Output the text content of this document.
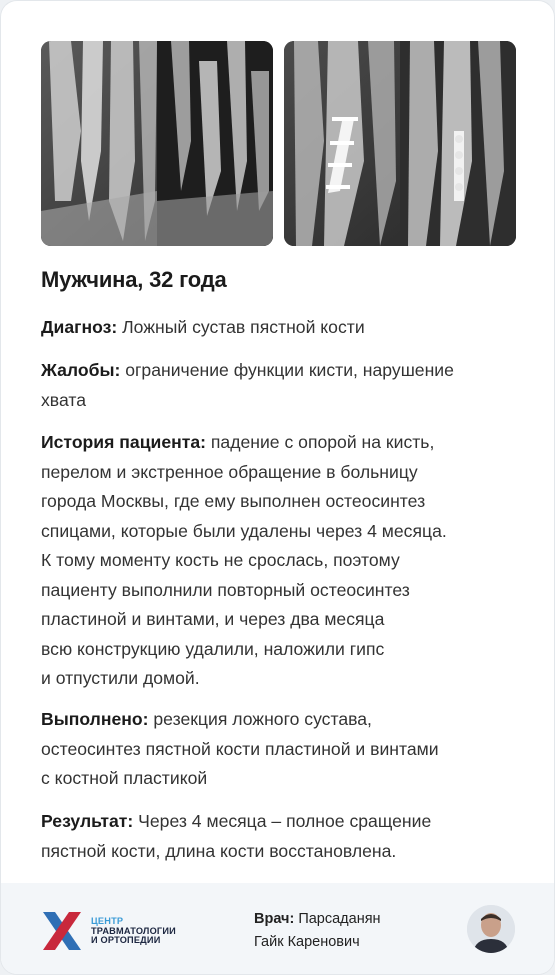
Мужчина, 32 года
Диагноз: Ложный сустав пястной кости
Жалобы: ограничение функции кисти, нарушение
хвата
История пациента: падение с опорой на кисть,
перелом и экстренное обращение в больницу
города Москвы, где ему выполнен остеосинтез
спицами, которые были удалены через 4 месяца.
К тому моменту кость не срослась, поэтому
пациенту выполнили повторный остеосинтез
пластиной и винтами, и через два месяца
всю конструкцию удалили, наложили гипс
и отпустили домой.
Выполнено: резекция ложного сустава,
остеосинтез пястной кости пластиной и винтами
с костной пластикой
Результат: Через 4 месяца – полное сращение
пястной кости, длина кости восстановлена.
ЦЕНТР
ТРАВМАТОЛОГИИ
И ОРТОПЕДИИ
Врач: Парсаданян
Гайк Каренович
